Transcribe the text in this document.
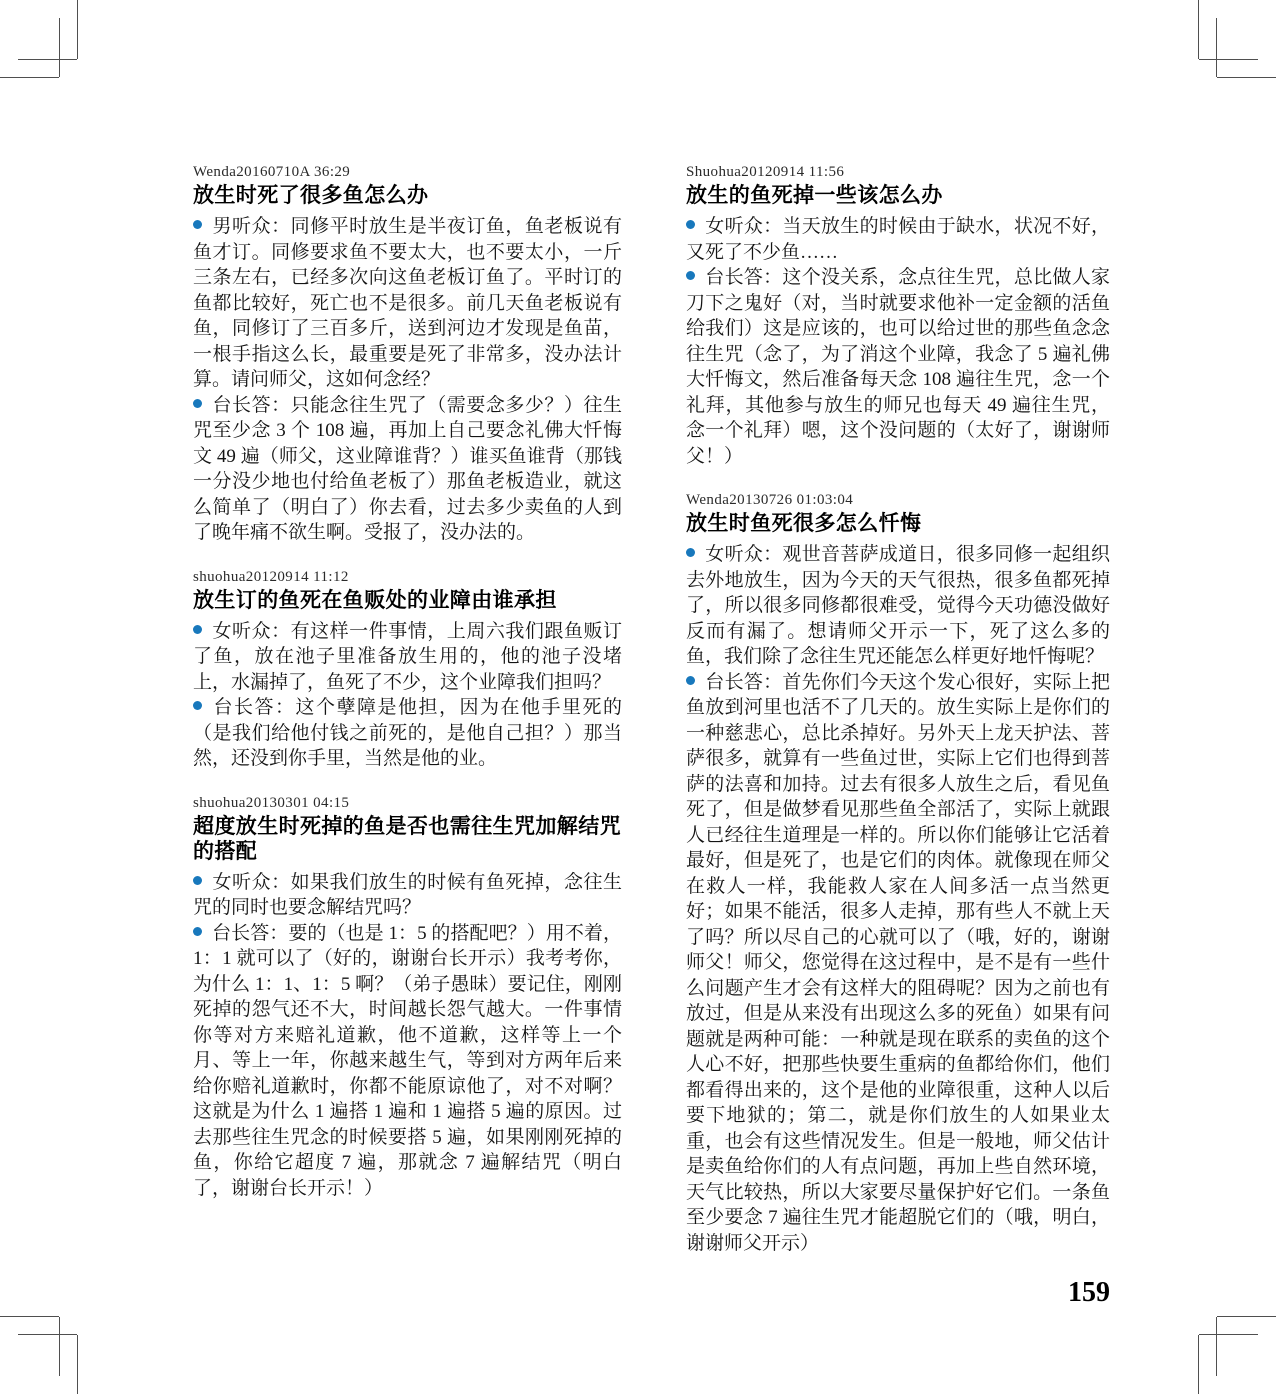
Wenda20160710A 36:29
放生时死了很多鱼怎么办

男听众：同修平时放生是半夜订鱼，鱼老板说有鱼才订。同修要求鱼不要太大，也不要太小，一斤三条左右，已经多次向这鱼老板订鱼了。平时订的鱼都比较好，死亡也不是很多。前几天鱼老板说有鱼，同修订了三百多斤，送到河边才发现是鱼苗，一根手指这么长，最重要是死了非常多，没办法计算。请问师父，这如何念经？

台长答：只能念往生咒了（需要念多少？）往生咒至少念 3 个 108 遍，再加上自己要念礼佛大忏悔文 49 遍（师父，这业障谁背？）谁买鱼谁背（那钱一分没少地也付给鱼老板了）那鱼老板造业，就这么简单了（明白了）你去看，过去多少卖鱼的人到了晚年痛不欲生啊。受报了，没办法的。

shuohua20120914 11:12
放生订的鱼死在鱼贩处的业障由谁承担

女听众：有这样一件事情，上周六我们跟鱼贩订了鱼，放在池子里准备放生用的，他的池子没堵上，水漏掉了，鱼死了不少，这个业障我们担吗？

台长答：这个孽障是他担，因为在他手里死的（是我们给他付钱之前死的，是他自己担？）那当然，还没到你手里，当然是他的业。

shuohua20130301 04:15
超度放生时死掉的鱼是否也需往生咒加解结咒的搭配

女听众：如果我们放生的时候有鱼死掉，念往生咒的同时也要念解结咒吗？

台长答：要的（也是 1：5 的搭配吧？）用不着，1：1 就可以了（好的，谢谢台长开示）我考考你，为什么 1：1、1：5 啊？（弟子愚昧）要记住，刚刚死掉的怨气还不大，时间越长怨气越大。一件事情你等对方来赔礼道歉，他不道歉，这样等上一个月、等上一年，你越来越生气，等到对方两年后来给你赔礼道歉时，你都不能原谅他了，对不对啊？这就是为什么 1 遍搭 1 遍和 1 遍搭 5 遍的原因。过去那些往生咒念的时候要搭 5 遍，如果刚刚死掉的鱼，你给它超度 7 遍，那就念 7 遍解结咒（明白了，谢谢台长开示！）

Shuohua20120914 11:56
放生的鱼死掉一些该怎么办

女听众：当天放生的时候由于缺水，状况不好，又死了不少鱼……

台长答：这个没关系，念点往生咒，总比做人家刀下之鬼好（对，当时就要求他补一定金额的活鱼给我们）这是应该的，也可以给过世的那些鱼念念往生咒（念了，为了消这个业障，我念了 5 遍礼佛大忏悔文，然后准备每天念 108 遍往生咒，念一个礼拜，其他参与放生的师兄也每天 49 遍往生咒，念一个礼拜）嗯，这个没问题的（太好了，谢谢师父！）

Wenda20130726 01:03:04
放生时鱼死很多怎么忏悔

女听众：观世音菩萨成道日，很多同修一起组织去外地放生，因为今天的天气很热，很多鱼都死掉了，所以很多同修都很难受，觉得今天功德没做好反而有漏了。想请师父开示一下，死了这么多的鱼，我们除了念往生咒还能怎么样更好地忏悔呢？

台长答：首先你们今天这个发心很好，实际上把鱼放到河里也活不了几天的。放生实际上是你们的一种慈悲心，总比杀掉好。另外天上龙天护法、菩萨很多，就算有一些鱼过世，实际上它们也得到菩萨的法喜和加持。过去有很多人放生之后，看见鱼死了，但是做梦看见那些鱼全部活了，实际上就跟人已经往生道理是一样的。所以你们能够让它活着最好，但是死了，也是它们的肉体。就像现在师父在救人一样，我能救人家在人间多活一点当然更好；如果不能活，很多人走掉，那有些人不就上天了吗？所以尽自己的心就可以了（哦，好的，谢谢师父！师父，您觉得在这过程中，是不是有一些什么问题产生才会有这样大的阻碍呢？因为之前也有放过，但是从来没有出现这么多的死鱼）如果有问题就是两种可能：一种就是现在联系的卖鱼的这个人心不好，把那些快要生重病的鱼都给你们，他们都看得出来的，这个是他的业障很重，这种人以后要下地狱的；第二，就是你们放生的人如果业太重，也会有这些情况发生。但是一般地，师父估计是卖鱼给你们的人有点问题，再加上些自然环境，天气比较热，所以大家要尽量保护好它们。一条鱼至少要念 7 遍往生咒才能超脱它们的（哦，明白，谢谢师父开示）

159
